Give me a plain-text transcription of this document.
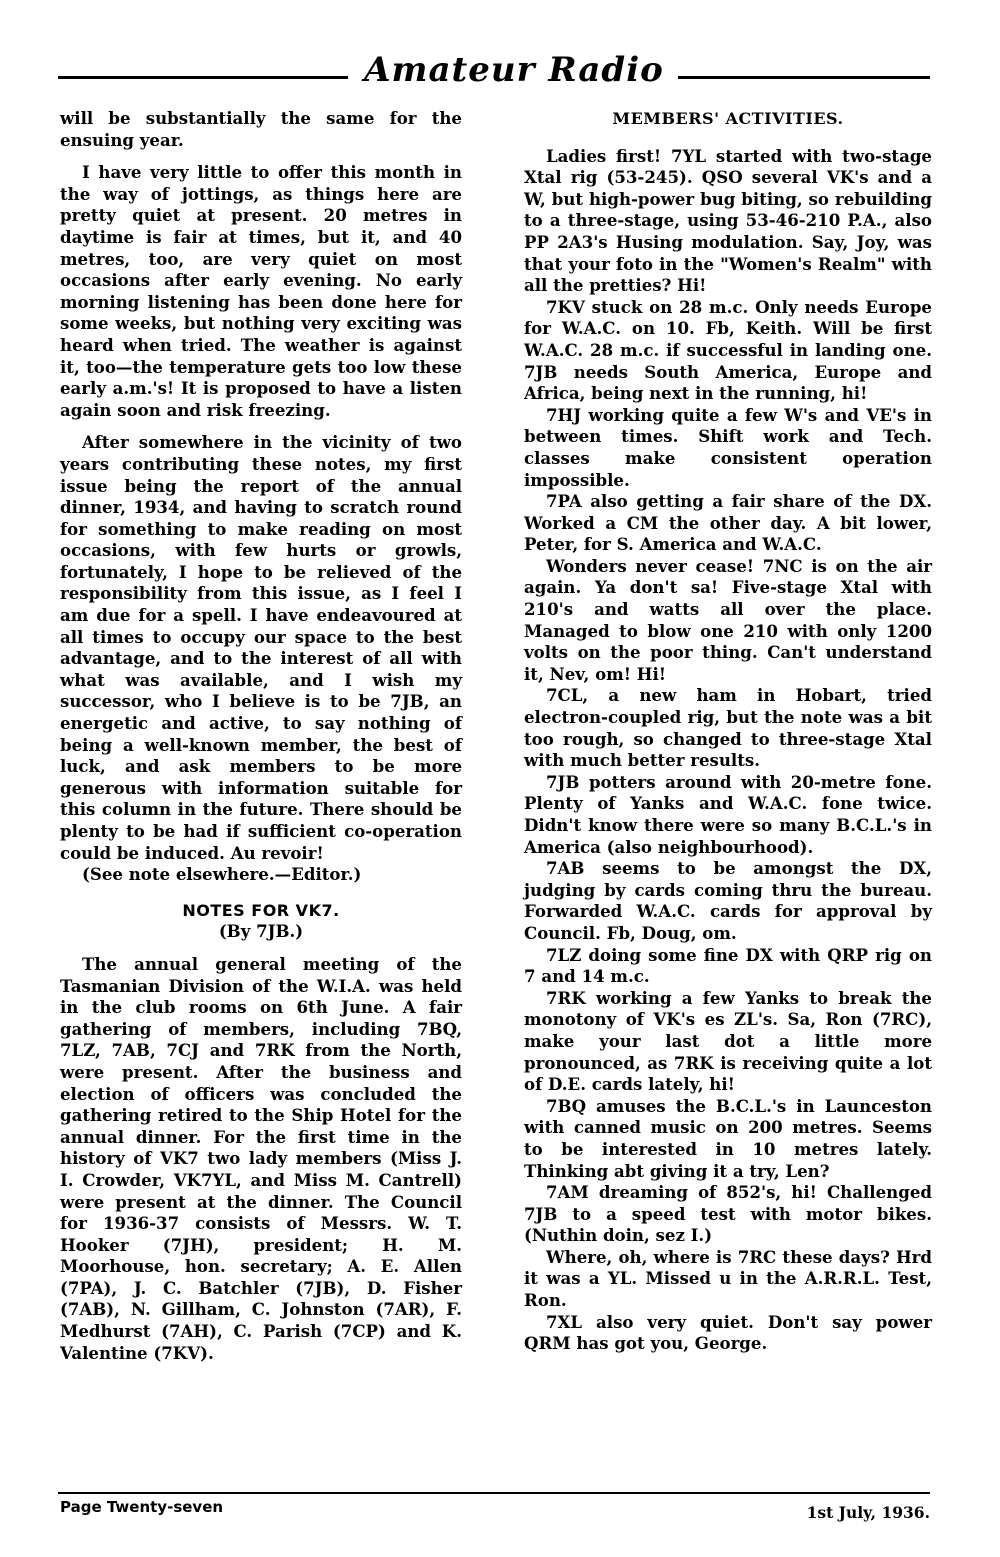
Amateur Radio

will be substantially the same for the ensuing year.

I have very little to offer this month in the way of jottings, as things here are pretty quiet at present. 20 metres in daytime is fair at times, but it, and 40 metres, too, are very quiet on most occasions after early evening. No early morning listening has been done here for some weeks, but nothing very exciting was heard when tried. The weather is against it, too—the temperature gets too low these early a.m.'s! It is proposed to have a listen again soon and risk freezing.

After somewhere in the vicinity of two years contributing these notes, my first issue being the report of the annual dinner, 1934, and having to scratch round for something to make reading on most occasions, with few hurts or growls, fortunately, I hope to be relieved of the responsibility from this issue, as I feel I am due for a spell. I have endeavoured at all times to occupy our space to the best advantage, and to the interest of all with what was available, and I wish my successor, who I believe is to be 7JB, an energetic and active, to say nothing of being a well-known member, the best of luck, and ask members to be more generous with information suitable for this column in the future. There should be plenty to be had if sufficient co-operation could be induced. Au revoir!

(See note elsewhere.—Editor.)

NOTES FOR VK7.
(By 7JB.)

The annual general meeting of the Tasmanian Division of the W.I.A. was held in the club rooms on 6th June. A fair gathering of members, including 7BQ, 7LZ, 7AB, 7CJ and 7RK from the North, were present. After the business and election of officers was concluded the gathering retired to the Ship Hotel for the annual dinner. For the first time in the history of VK7 two lady members (Miss J. I. Crowder, VK7YL, and Miss M. Cantrell) were present at the dinner. The Council for 1936-37 consists of Messrs. W. T. Hooker (7JH), president; H. M. Moorhouse, hon. secretary; A. E. Allen (7PA), J. C. Batchler (7JB), D. Fisher (7AB), N. Gillham, C. Johnston (7AR), F. Medhurst (7AH), C. Parish (7CP) and K. Valentine (7KV).

MEMBERS' ACTIVITIES.

Ladies first! 7YL started with two-stage Xtal rig (53-245). QSO several VK's and a W, but high-power bug biting, so rebuilding to a three-stage, using 53-46-210 P.A., also PP 2A3's Husing modulation. Say, Joy, was that your foto in the "Women's Realm" with all the pretties? Hi!

7KV stuck on 28 m.c. Only needs Europe for W.A.C. on 10. Fb, Keith. Will be first W.A.C. 28 m.c. if successful in landing one. 7JB needs South America, Europe and Africa, being next in the running, hi!

7HJ working quite a few W's and VE's in between times. Shift work and Tech. classes make consistent operation impossible.

7PA also getting a fair share of the DX. Worked a CM the other day. A bit lower, Peter, for S. America and W.A.C.

Wonders never cease! 7NC is on the air again. Ya don't sa! Five-stage Xtal with 210's and watts all over the place. Managed to blow one 210 with only 1200 volts on the poor thing. Can't understand it, Nev, om! Hi!

7CL, a new ham in Hobart, tried electron-coupled rig, but the note was a bit too rough, so changed to three-stage Xtal with much better results.

7JB potters around with 20-metre fone. Plenty of Yanks and W.A.C. fone twice. Didn't know there were so many B.C.L.'s in America (also neighbourhood).

7AB seems to be amongst the DX, judging by cards coming thru the bureau. Forwarded W.A.C. cards for approval by Council. Fb, Doug, om.

7LZ doing some fine DX with QRP rig on 7 and 14 m.c.

7RK working a few Yanks to break the monotony of VK's es ZL's. Sa, Ron (7RC), make your last dot a little more pronounced, as 7RK is receiving quite a lot of D.E. cards lately, hi!

7BQ amuses the B.C.L.'s in Launceston with canned music on 200 metres. Seems to be interested in 10 metres lately. Thinking abt giving it a try, Len?

7AM dreaming of 852's, hi! Challenged 7JB to a speed test with motor bikes. (Nuthin doin, sez I.)

Where, oh, where is 7RC these days? Hrd it was a YL. Missed u in the A.R.R.L. Test, Ron.

7XL also very quiet. Don't say power QRM has got you, George.

Page Twenty-seven	1st July, 1936.
